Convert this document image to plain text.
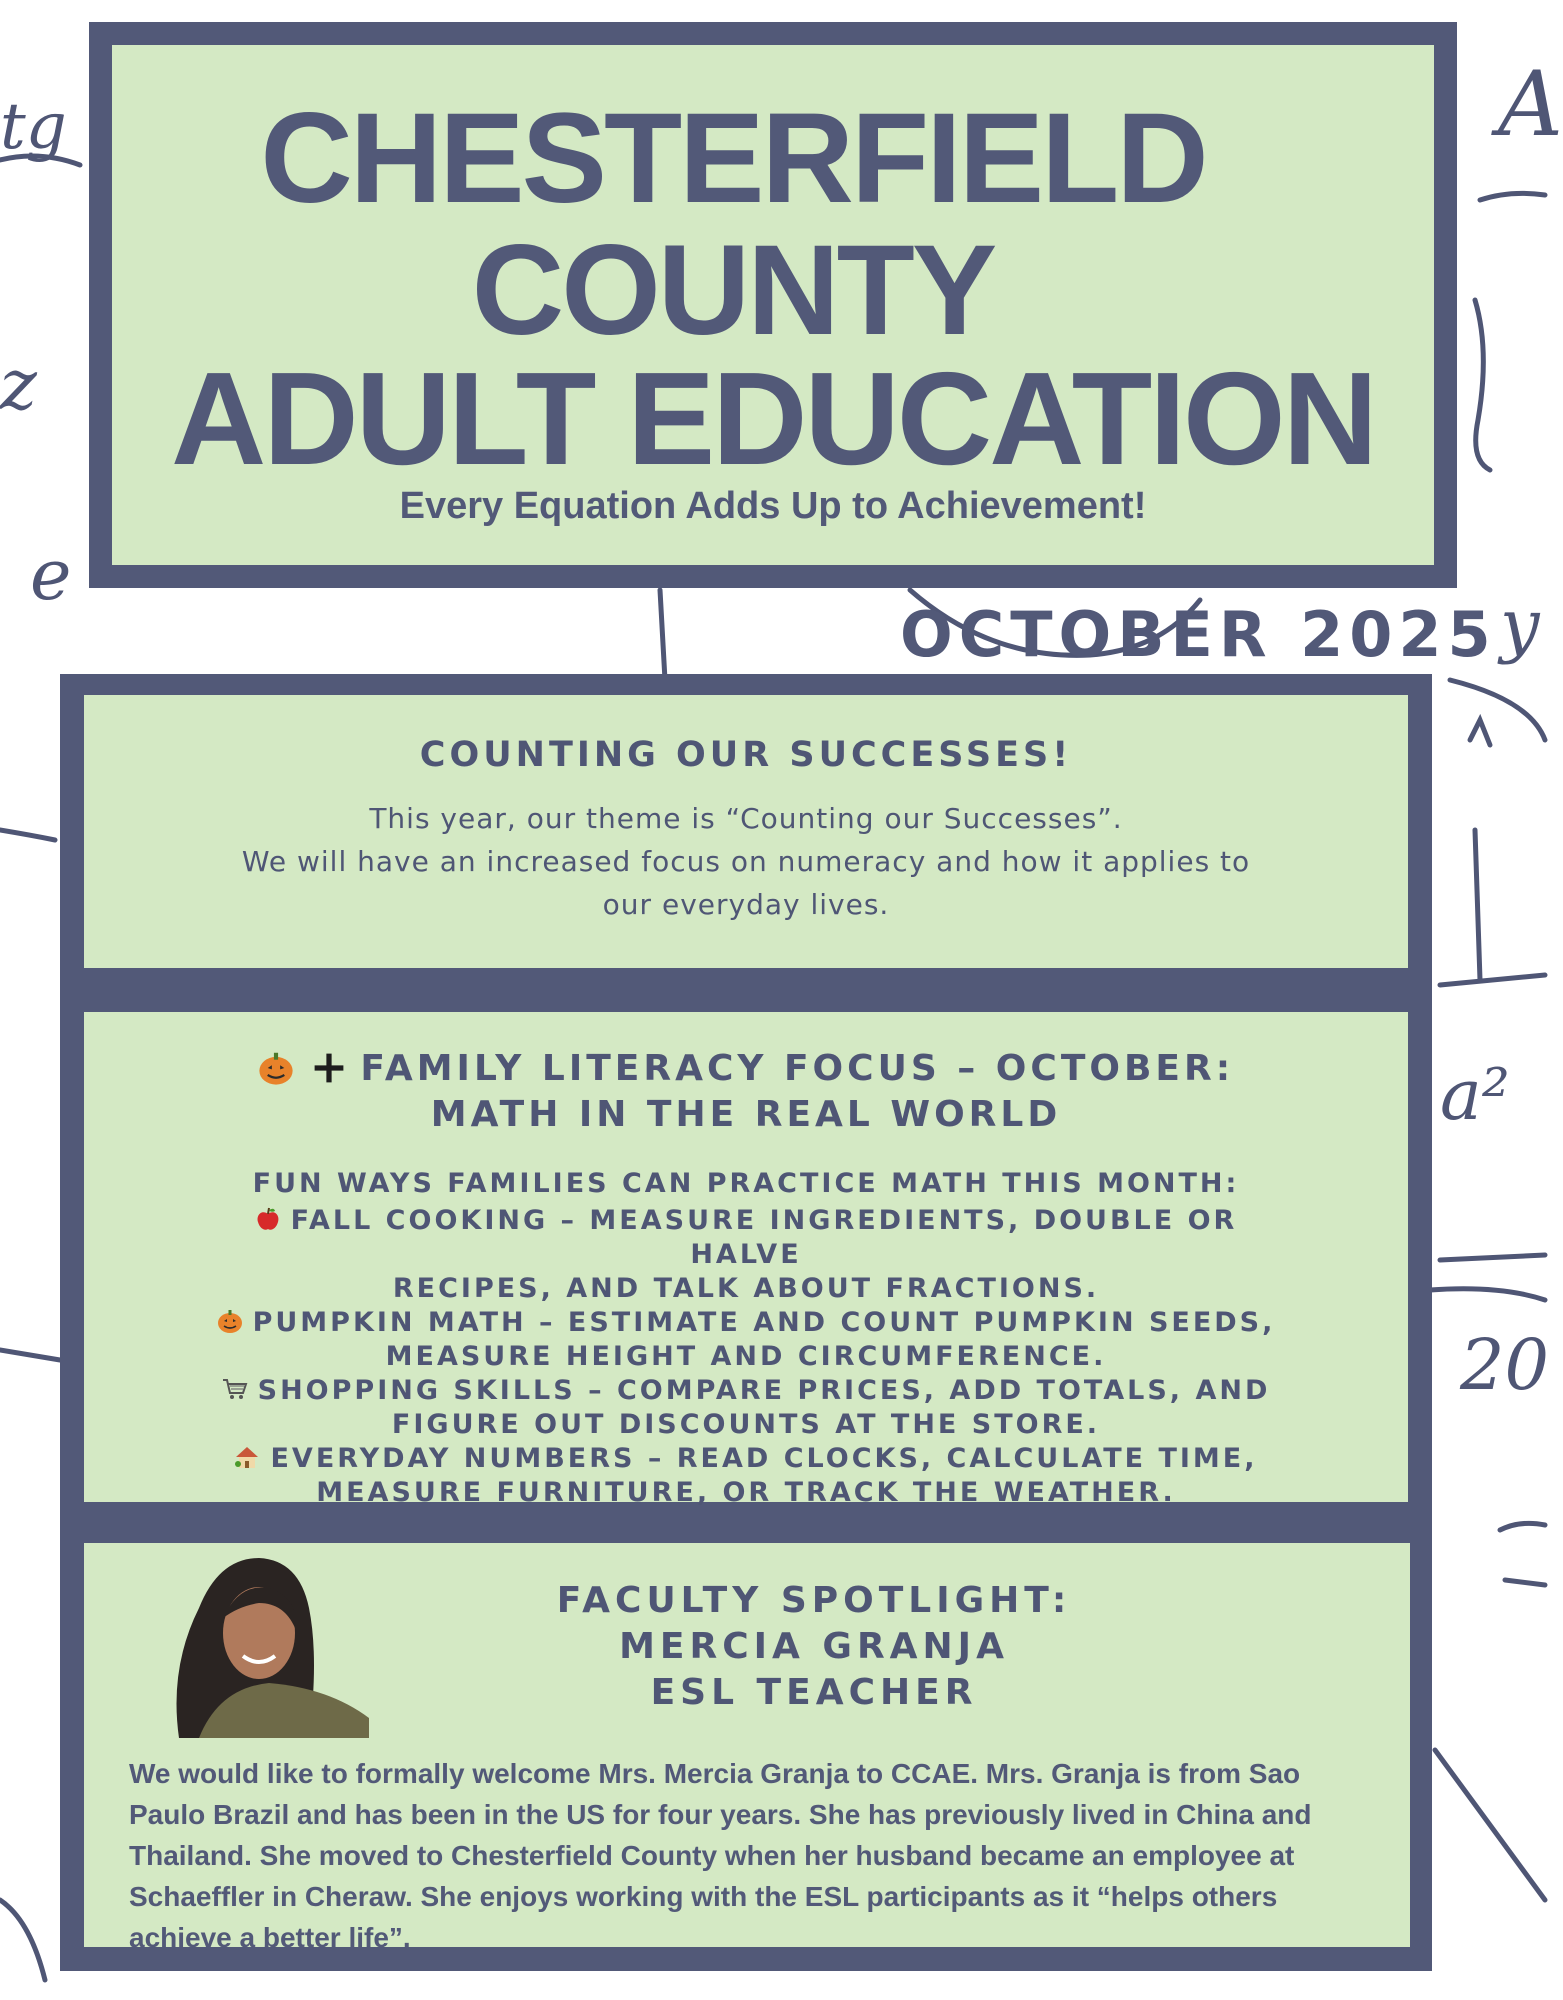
tg
e
z
A
a²
20
y
CHESTERFIELD
COUNTY
ADULT EDUCATION
Every Equation Adds Up to Achievement!
OCTOBER 2025
COUNTING OUR SUCCESSES!
This year, our theme is “Counting our Successes”.
We will have an increased focus on numeracy and how it applies to
our everyday lives.
FAMILY LITERACY FOCUS – OCTOBER:
MATH IN THE REAL WORLD
FUN WAYS FAMILIES CAN PRACTICE MATH THIS MONTH:
FALL COOKING – MEASURE INGREDIENTS, DOUBLE OR HALVE
RECIPES, AND TALK ABOUT FRACTIONS.
PUMPKIN MATH – ESTIMATE AND COUNT PUMPKIN SEEDS,
MEASURE HEIGHT AND CIRCUMFERENCE.
SHOPPING SKILLS – COMPARE PRICES, ADD TOTALS, AND
FIGURE OUT DISCOUNTS AT THE STORE.
EVERYDAY NUMBERS – READ CLOCKS, CALCULATE TIME,
MEASURE FURNITURE, OR TRACK THE WEATHER.
FACULTY SPOTLIGHT:
MERCIA GRANJA
ESL TEACHER
We would like to formally welcome Mrs. Mercia Granja to CCAE. Mrs. Granja is from Sao
Paulo Brazil and has been in the US for four years. She has previously lived in China and
Thailand. She moved to Chesterfield County when her husband became an employee at
Schaeffler in Cheraw. She enjoys working with the ESL participants as it “helps others
achieve a better life”.
